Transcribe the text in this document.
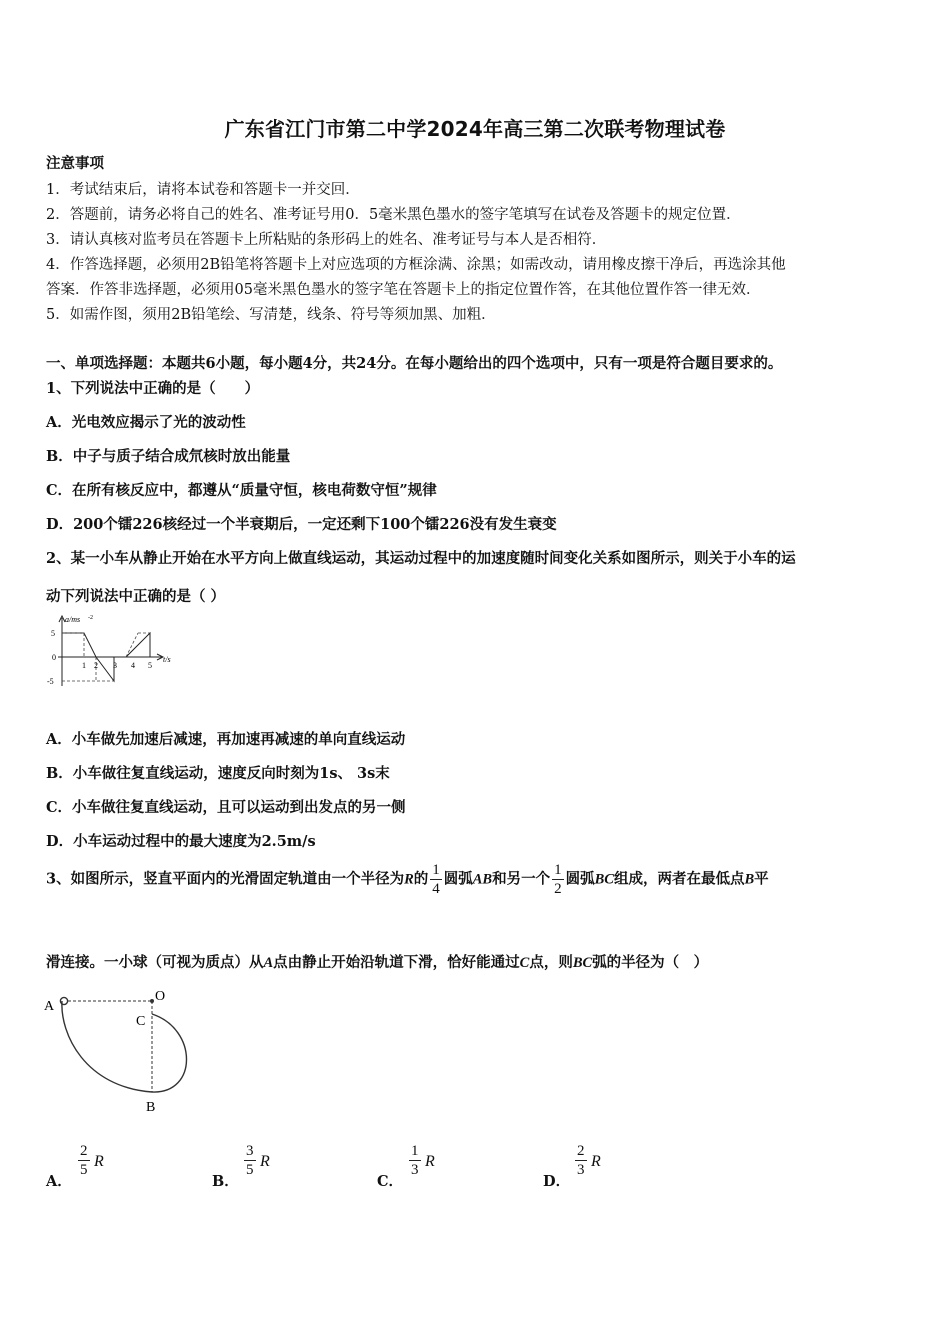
广东省江门市第二中学2024年高三第二次联考物理试卷
注意事项
1．考试结束后，请将本试卷和答题卡一并交回．
2．答题前，请务必将自己的姓名、准考证号用0．5毫米黑色墨水的签字笔填写在试卷及答题卡的规定位置．
3．请认真核对监考员在答题卡上所粘贴的条形码上的姓名、准考证号与本人是否相符．
4．作答选择题，必须用2B铅笔将答题卡上对应选项的方框涂满、涂黑；如需改动，请用橡皮擦干净后，再选涂其他
答案．作答非选择题，必须用05毫米黑色墨水的签字笔在答题卡上的指定位置作答，在其他位置作答一律无效．
5．如需作图，须用2B铅笔绘、写清楚，线条、符号等须加黑、加粗．
一、单项选择题：本题共6小题，每小题4分，共24分。在每小题给出的四个选项中，只有一项是符合题目要求的。
1、下列说法中正确的是（　　）
A．光电效应揭示了光的波动性
B．中子与质子结合成氘核时放出能量
C．在所有核反应中，都遵从“质量守恒，核电荷数守恒”规律
D．200个镭226核经过一个半衰期后，一定还剩下100个镭226没有发生衰变
2、某一小车从静止开始在水平方向上做直线运动，其运动过程中的加速度随时间变化关系如图所示，则关于小车的运
动下列说法中正确的是（ ）
a/ms -2
t/s
5
0
-5
1 2 3 4 5
A．小车做先加速后减速，再加速再减速的单向直线运动
B．小车做往复直线运动，速度反向时刻为1s、 3s末
C．小车做往复直线运动，且可以运动到出发点的另一侧
D．小车运动过程中的最大速度为2.5m/s
3、如图所示，竖直平面内的光滑固定轨道由一个半径为R的 $\frac{1}{4}$ 圆弧AB和另一个 $\frac{1}{2}$ 圆弧BC组成，两者在最低点B平
滑连接。一小球（可视为质点）从A点由静止开始沿轨道下滑，恰好能通过C点，则BC弧的半径为（　）
A
O
C
B
A．
$\frac{2}{5}$ R
B．
$\frac{3}{5}$ R
C．
$\frac{1}{3}$ R
D．
$\frac{2}{3}$ R
